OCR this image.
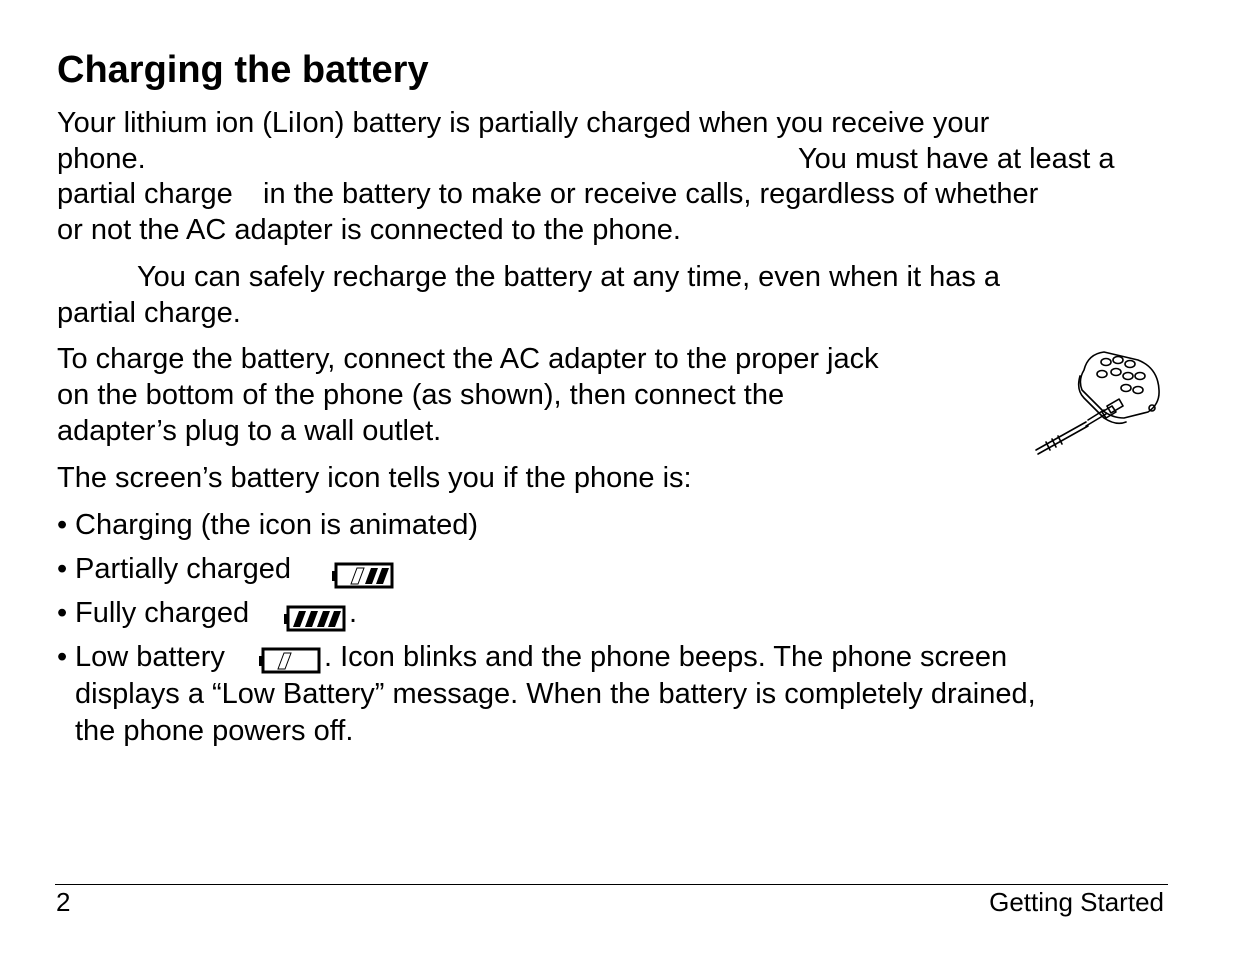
Charging the battery
Your lithium ion (LiIon) battery is partially charged when you receive your
phone.	You must have at least a
partial charge in the battery to make or receive calls, regardless of whether
or not the AC adapter is connected to the phone.
You can safely recharge the battery at any time, even when it has a
partial charge.
To charge the battery, connect the AC adapter to the proper jack
on the bottom of the phone (as shown), then connect the
adapter’s plug to a wall outlet.
The screen’s battery icon tells you if the phone is:
• Charging (the icon is animated)
• Partially charged
• Fully charged	.
• Low battery	. Icon blinks and the phone beeps. The phone screen
displays a “Low Battery” message. When the battery is completely drained,
the phone powers off.
2	Getting Started
